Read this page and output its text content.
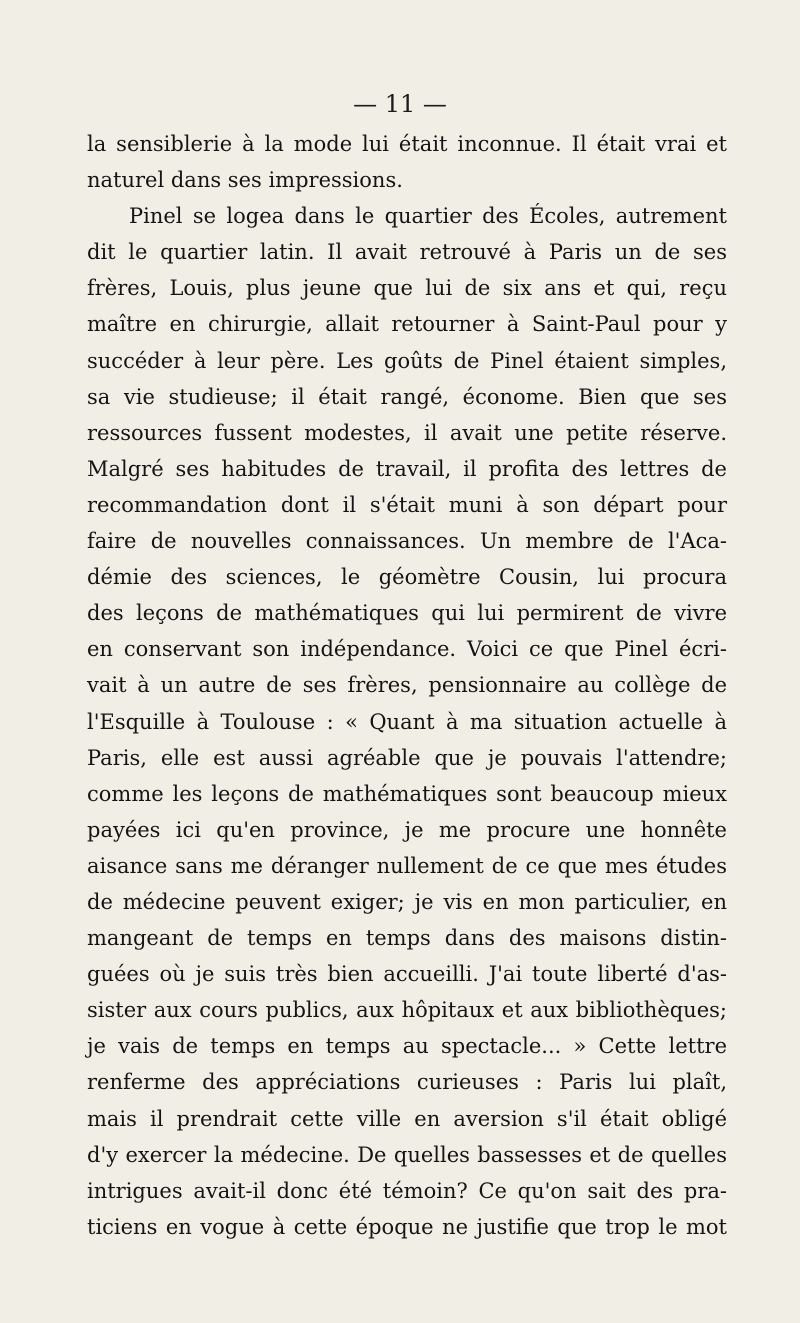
— 11 —
la sensiblerie à la mode lui était inconnue. Il était vrai et
naturel dans ses impressions.
Pinel se logea dans le quartier des Écoles, autrement
dit le quartier latin. Il avait retrouvé à Paris un de ses
frères, Louis, plus jeune que lui de six ans et qui, reçu
maître en chirurgie, allait retourner à Saint-Paul pour y
succéder à leur père. Les goûts de Pinel étaient simples,
sa vie studieuse; il était rangé, économe. Bien que ses
ressources fussent modestes, il avait une petite réserve.
Malgré ses habitudes de travail, il profita des lettres de
recommandation dont il s'était muni à son départ pour
faire de nouvelles connaissances. Un membre de l'Aca-
démie des sciences, le géomètre Cousin, lui procura
des leçons de mathématiques qui lui permirent de vivre
en conservant son indépendance. Voici ce que Pinel écri-
vait à un autre de ses frères, pensionnaire au collège de
l'Esquille à Toulouse : « Quant à ma situation actuelle à
Paris, elle est aussi agréable que je pouvais l'attendre;
comme les leçons de mathématiques sont beaucoup mieux
payées ici qu'en province, je me procure une honnête
aisance sans me déranger nullement de ce que mes études
de médecine peuvent exiger; je vis en mon particulier, en
mangeant de temps en temps dans des maisons distin-
guées où je suis très bien accueilli. J'ai toute liberté d'as-
sister aux cours publics, aux hôpitaux et aux bibliothèques;
je vais de temps en temps au spectacle... » Cette lettre
renferme des appréciations curieuses : Paris lui plaît,
mais il prendrait cette ville en aversion s'il était obligé
d'y exercer la médecine. De quelles bassesses et de quelles
intrigues avait-il donc été témoin? Ce qu'on sait des pra-
ticiens en vogue à cette époque ne justifie que trop le mot
